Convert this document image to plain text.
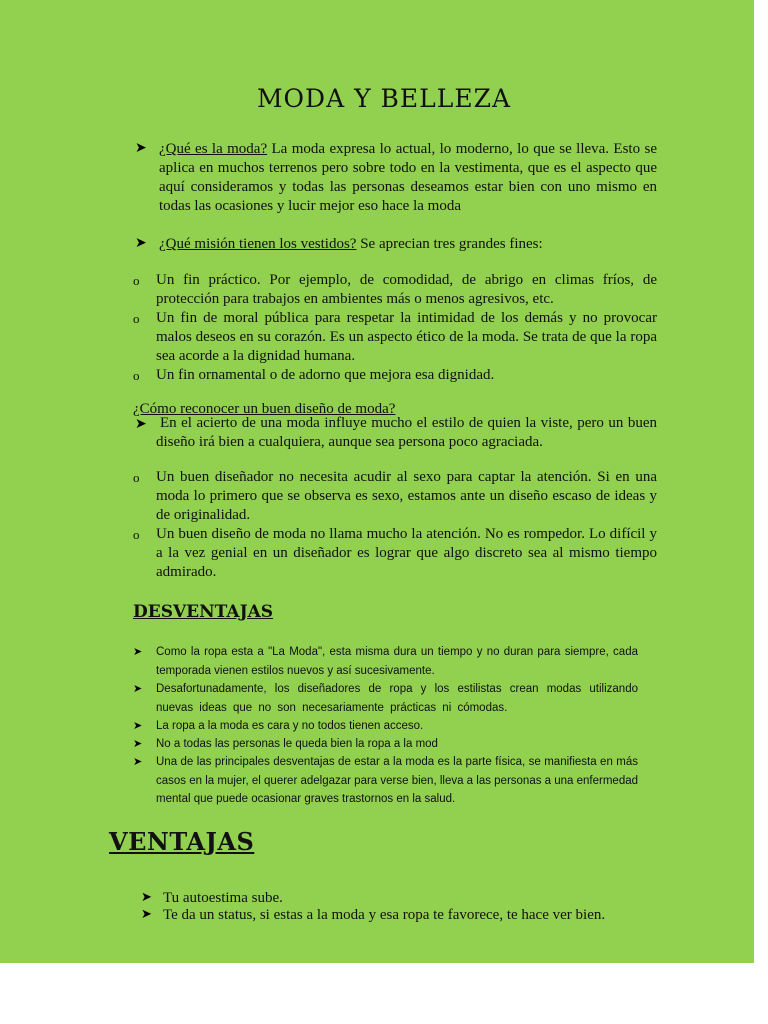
MODA Y BELLEZA
➤ ¿Qué es la moda? La moda expresa lo actual, lo moderno, lo que se lleva. Esto se aplica en muchos terrenos pero sobre todo en la vestimenta, que es el aspecto que aquí consideramos y todas las personas deseamos estar bien con uno mismo en todas las ocasiones y lucir mejor eso hace la moda
➤ ¿Qué misión tienen los vestidos? Se aprecian tres grandes fines:
o Un fin práctico. Por ejemplo, de comodidad, de abrigo en climas fríos, de protección para trabajos en ambientes más o menos agresivos, etc.
o Un fin de moral pública para respetar la intimidad de los demás y no provocar malos deseos en su corazón. Es un aspecto ético de la moda. Se trata de que la ropa sea acorde a la dignidad humana.
o Un fin ornamental o de adorno que mejora esa dignidad.
¿Cómo reconocer un buen diseño de moda?
➤ En el acierto de una moda influye mucho el estilo de quien la viste, pero un buen diseño irá bien a cualquiera, aunque sea persona poco agraciada.
o Un buen diseñador no necesita acudir al sexo para captar la atención. Si en una moda lo primero que se observa es sexo, estamos ante un diseño escaso de ideas y de originalidad.
o Un buen diseño de moda no llama mucho la atención. No es rompedor. Lo difícil y a la vez genial en un diseñador es lograr que algo discreto sea al mismo tiempo admirado.
DESVENTAJAS
➤ Como la ropa esta a "La Moda", esta misma dura un tiempo y no duran para siempre, cada temporada vienen estilos nuevos y así sucesivamente.
➤ Desafortunadamente, los diseñadores de ropa y los estilistas crean modas utilizando nuevas ideas que no son necesariamente prácticas ni cómodas.
➤ La ropa a la moda es cara y no todos tienen acceso.
➤ No a todas las personas le queda bien la ropa a la mod
➤ Una de las principales desventajas de estar a la moda es la parte física, se manifiesta en más casos en la mujer, el querer adelgazar para verse bien, lleva a las personas a una enfermedad mental que puede ocasionar graves trastornos en la salud.
VENTAJAS
➤ Tu autoestima sube.
➤ Te da un status, si estas a la moda y esa ropa te favorece, te hace ver bien.
